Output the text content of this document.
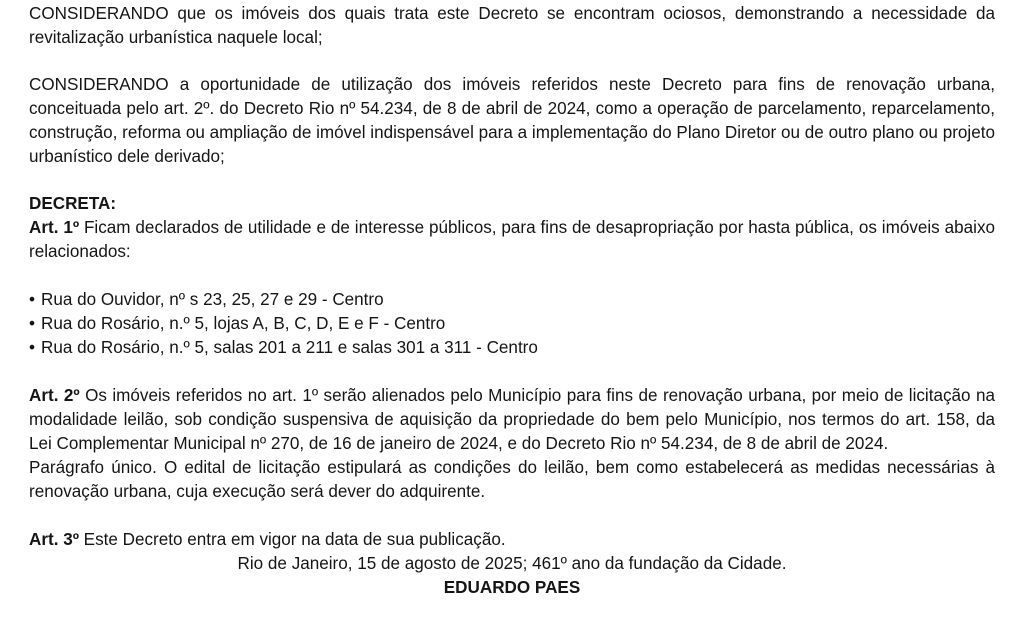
CONSIDERANDO que os imóveis dos quais trata este Decreto se encontram ociosos, demonstrando a necessidade da revitalização urbanística naquele local;

CONSIDERANDO a oportunidade de utilização dos imóveis referidos neste Decreto para fins de renovação urbana, conceituada pelo art. 2º. do Decreto Rio nº 54.234, de 8 de abril de 2024, como a operação de parcelamento, reparcelamento, construção, reforma ou ampliação de imóvel indispensável para a implementação do Plano Diretor ou de outro plano ou projeto urbanístico dele derivado;

DECRETA:

Art. 1º Ficam declarados de utilidade e de interesse públicos, para fins de desapropriação por hasta pública, os imóveis abaixo relacionados:

• Rua do Ouvidor, nº s 23, 25, 27 e 29 - Centro
• Rua do Rosário, n.º 5, lojas A, B, C, D, E e F - Centro
• Rua do Rosário, n.º 5, salas 201 a 211 e salas 301 a 311 - Centro

Art. 2º Os imóveis referidos no art. 1º serão alienados pelo Município para fins de renovação urbana, por meio de licitação na modalidade leilão, sob condição suspensiva de aquisição da propriedade do bem pelo Município, nos termos do art. 158, da Lei Complementar Municipal nº 270, de 16 de janeiro de 2024, e do Decreto Rio nº 54.234, de 8 de abril de 2024.

Parágrafo único. O edital de licitação estipulará as condições do leilão, bem como estabelecerá as medidas necessárias à renovação urbana, cuja execução será dever do adquirente.

Art. 3º Este Decreto entra em vigor na data de sua publicação.

Rio de Janeiro, 15 de agosto de 2025; 461º ano da fundação da Cidade.

EDUARDO PAES
